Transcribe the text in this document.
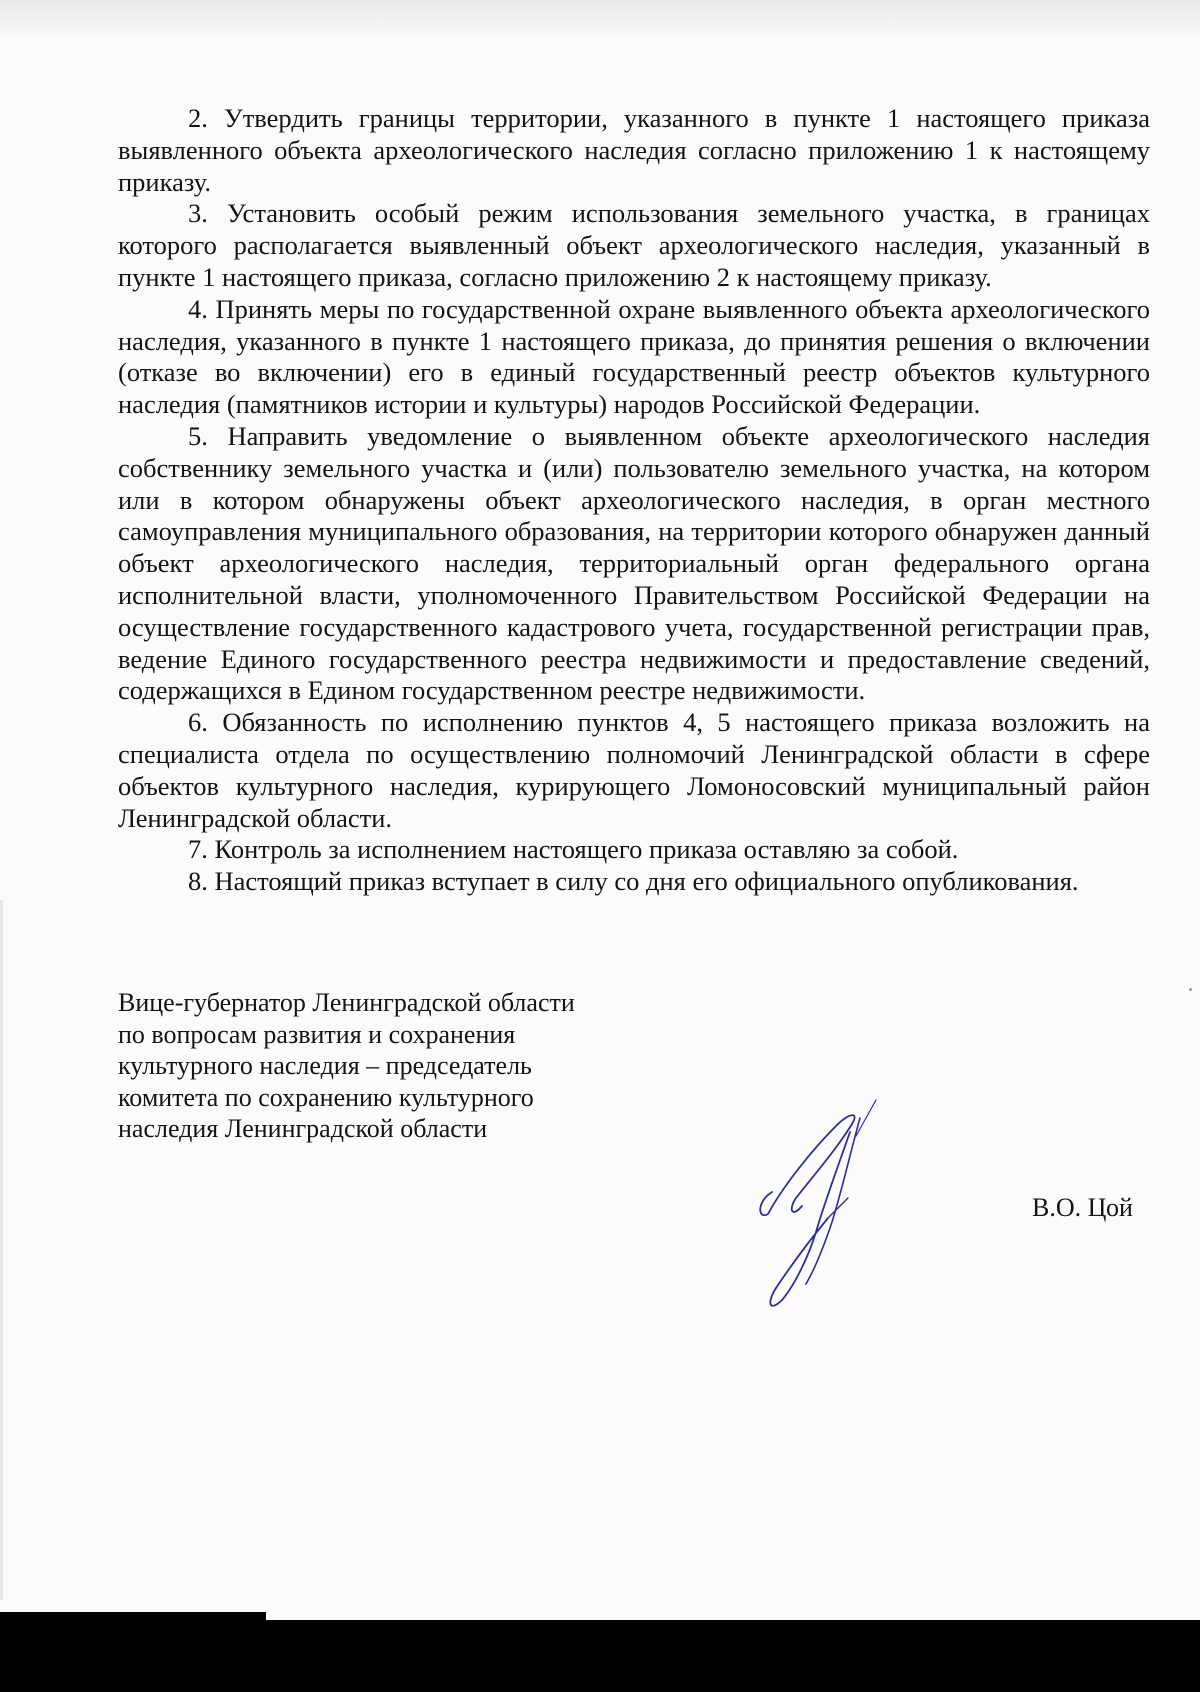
2. Утвердить границы территории, указанного в пункте 1 настоящего приказа выявленного объекта археологического наследия согласно приложению 1 к настоящему приказу.

3. Установить особый режим использования земельного участка, в границах которого располагается выявленный объект археологического наследия, указанный в пункте 1 настоящего приказа, согласно приложению 2 к настоящему приказу.

4. Принять меры по государственной охране выявленного объекта археологического наследия, указанного в пункте 1 настоящего приказа, до принятия решения о включении (отказе во включении) его в единый государственный реестр объектов культурного наследия (памятников истории и культуры) народов Российской Федерации.

5. Направить уведомление о выявленном объекте археологического наследия собственнику земельного участка и (или) пользователю земельного участка, на котором или в котором обнаружены объект археологического наследия, в орган местного самоуправления муниципального образования, на территории которого обнаружен данный объект археологического наследия, территориальный орган федерального органа исполнительной власти, уполномоченного Правительством Российской Федерации на осуществление государственного кадастрового учета, государственной регистрации прав, ведение Единого государственного реестра недвижимости и предоставление сведений, содержащихся в Едином государственном реестре недвижимости.

6. Обязанность по исполнению пунктов 4, 5 настоящего приказа возложить на специалиста отдела по осуществлению полномочий Ленинградской области в сфере объектов культурного наследия, курирующего Ломоносовский муниципальный район Ленинградской области.

7. Контроль за исполнением настоящего приказа оставляю за собой.

8. Настоящий приказ вступает в силу со дня его официального опубликования.

Вице-губернатор Ленинградской области
по вопросам развития и сохранения
культурного наследия – председатель
комитета по сохранению культурного
наследия Ленинградской области
В.О. Цой
